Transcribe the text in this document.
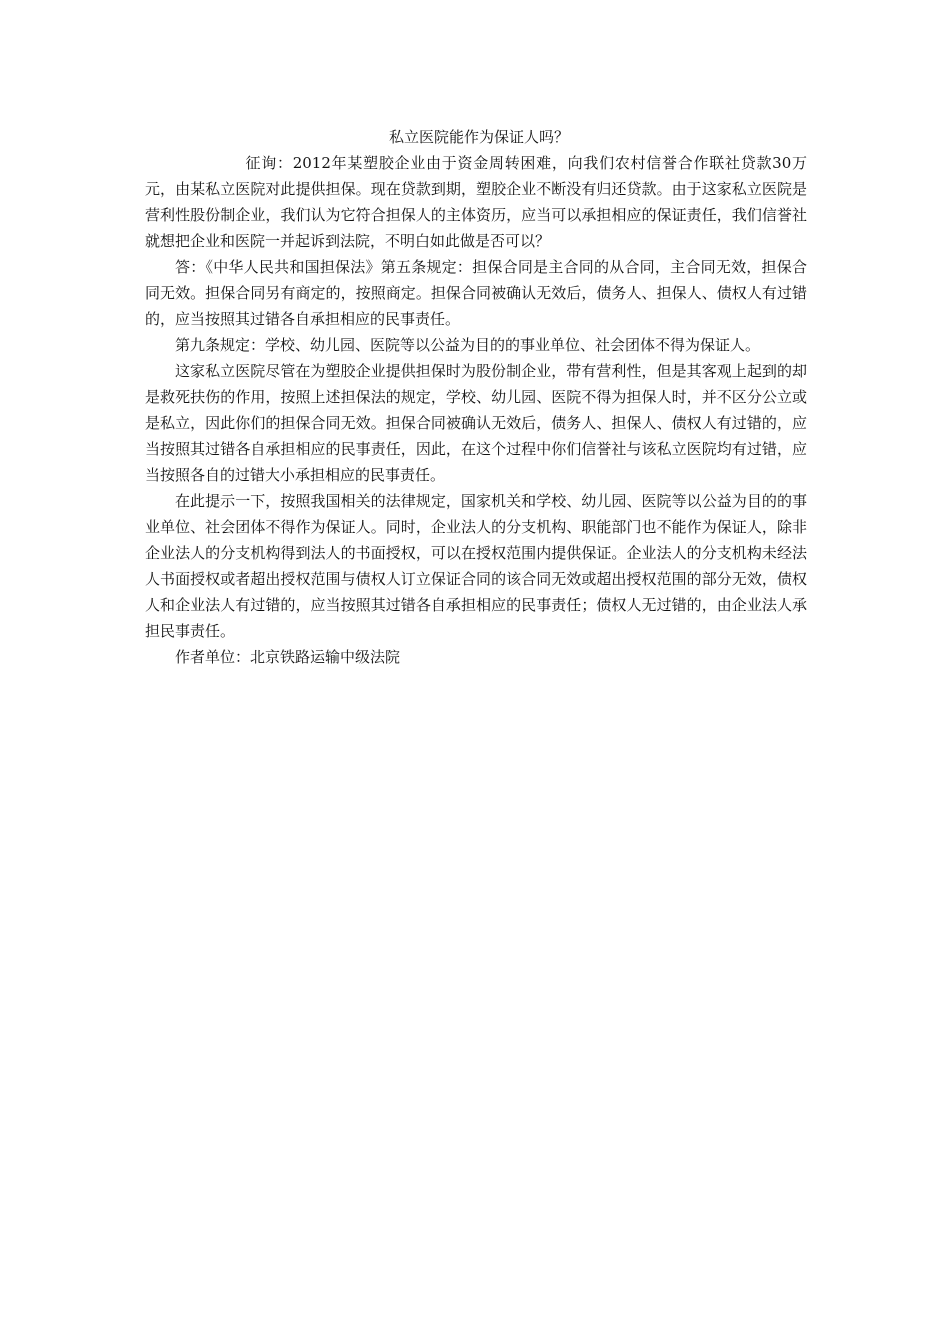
私立医院能作为保证人吗？

征询：2012年某塑胶企业由于资金周转困难，向我们农村信誉合作联社贷款30万元，由某私立医院对此提供担保。现在贷款到期，塑胶企业不断没有归还贷款。由于这家私立医院是营利性股份制企业，我们认为它符合担保人的主体资历，应当可以承担相应的保证责任，我们信誉社就想把企业和医院一并起诉到法院，不明白如此做是否可以？

答：《中华人民共和国担保法》第五条规定：担保合同是主合同的从合同，主合同无效，担保合同无效。担保合同另有商定的，按照商定。担保合同被确认无效后，债务人、担保人、债权人有过错的，应当按照其过错各自承担相应的民事责任。

第九条规定：学校、幼儿园、医院等以公益为目的的事业单位、社会团体不得为保证人。

这家私立医院尽管在为塑胶企业提供担保时为股份制企业，带有营利性，但是其客观上起到的却是救死扶伤的作用，按照上述担保法的规定，学校、幼儿园、医院不得为担保人时，并不区分公立或是私立，因此你们的担保合同无效。担保合同被确认无效后，债务人、担保人、债权人有过错的，应当按照其过错各自承担相应的民事责任，因此，在这个过程中你们信誉社与该私立医院均有过错，应当按照各自的过错大小承担相应的民事责任。

在此提示一下，按照我国相关的法律规定，国家机关和学校、幼儿园、医院等以公益为目的的事业单位、社会团体不得作为保证人。同时，企业法人的分支机构、职能部门也不能作为保证人，除非企业法人的分支机构得到法人的书面授权，可以在授权范围内提供保证。企业法人的分支机构未经法人书面授权或者超出授权范围与债权人订立保证合同的该合同无效或超出授权范围的部分无效，债权人和企业法人有过错的，应当按照其过错各自承担相应的民事责任；债权人无过错的，由企业法人承担民事责任。

作者单位：北京铁路运输中级法院
